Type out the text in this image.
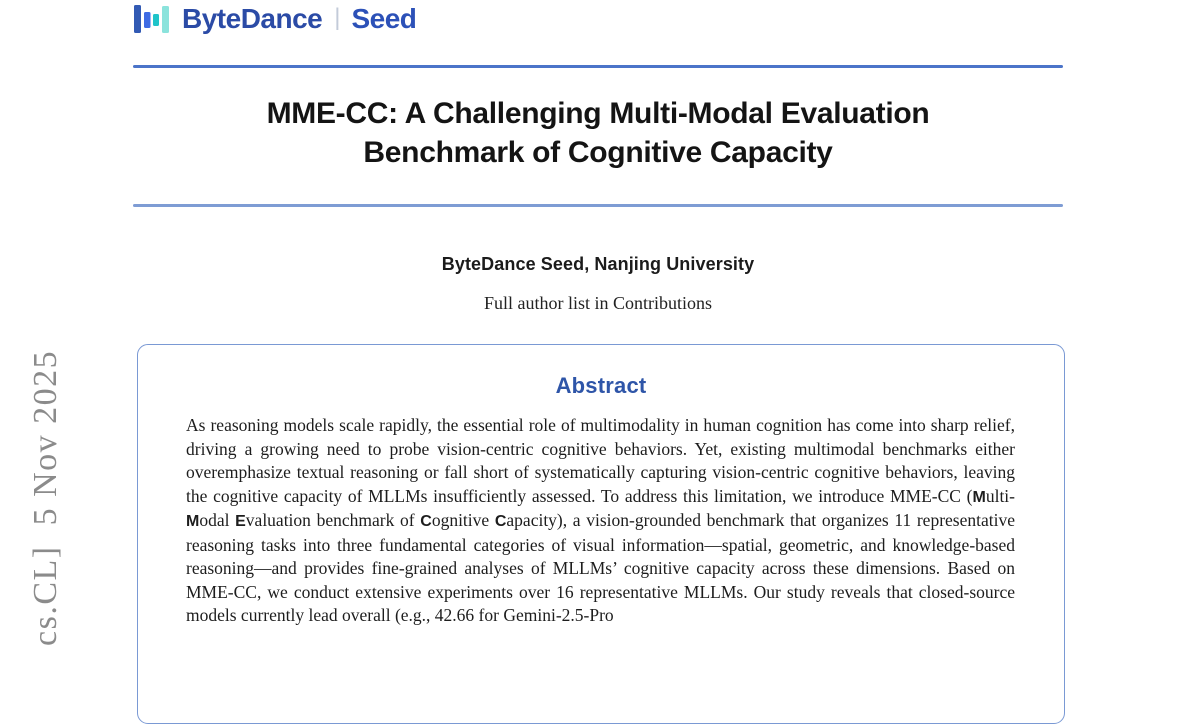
cs.CL]  5 Nov 2025
ByteDance | Seed
MME-CC: A Challenging Multi-Modal Evaluation
Benchmark of Cognitive Capacity
ByteDance Seed, Nanjing University
Full author list in Contributions
Abstract

As reasoning models scale rapidly, the essential role of multimodality in human cognition has come into sharp relief, driving a growing need to probe vision-centric cognitive behaviors. Yet, existing multimodal benchmarks either overemphasize textual reasoning or fall short of systematically capturing vision-centric cognitive behaviors, leaving the cognitive capacity of MLLMs insufficiently assessed. To address this limitation, we introduce MME-CC (Multi-Modal Evaluation benchmark of Cognitive Capacity), a vision-grounded benchmark that organizes 11 representative reasoning tasks into three fundamental categories of visual information—spatial, geometric, and knowledge-based reasoning—and provides fine-grained analyses of MLLMs’ cognitive capacity across these dimensions. Based on MME-CC, we conduct extensive experiments over 16 representative MLLMs. Our study reveals that closed-source models currently lead overall (e.g., 42.66 for Gemini-2.5-Pro
